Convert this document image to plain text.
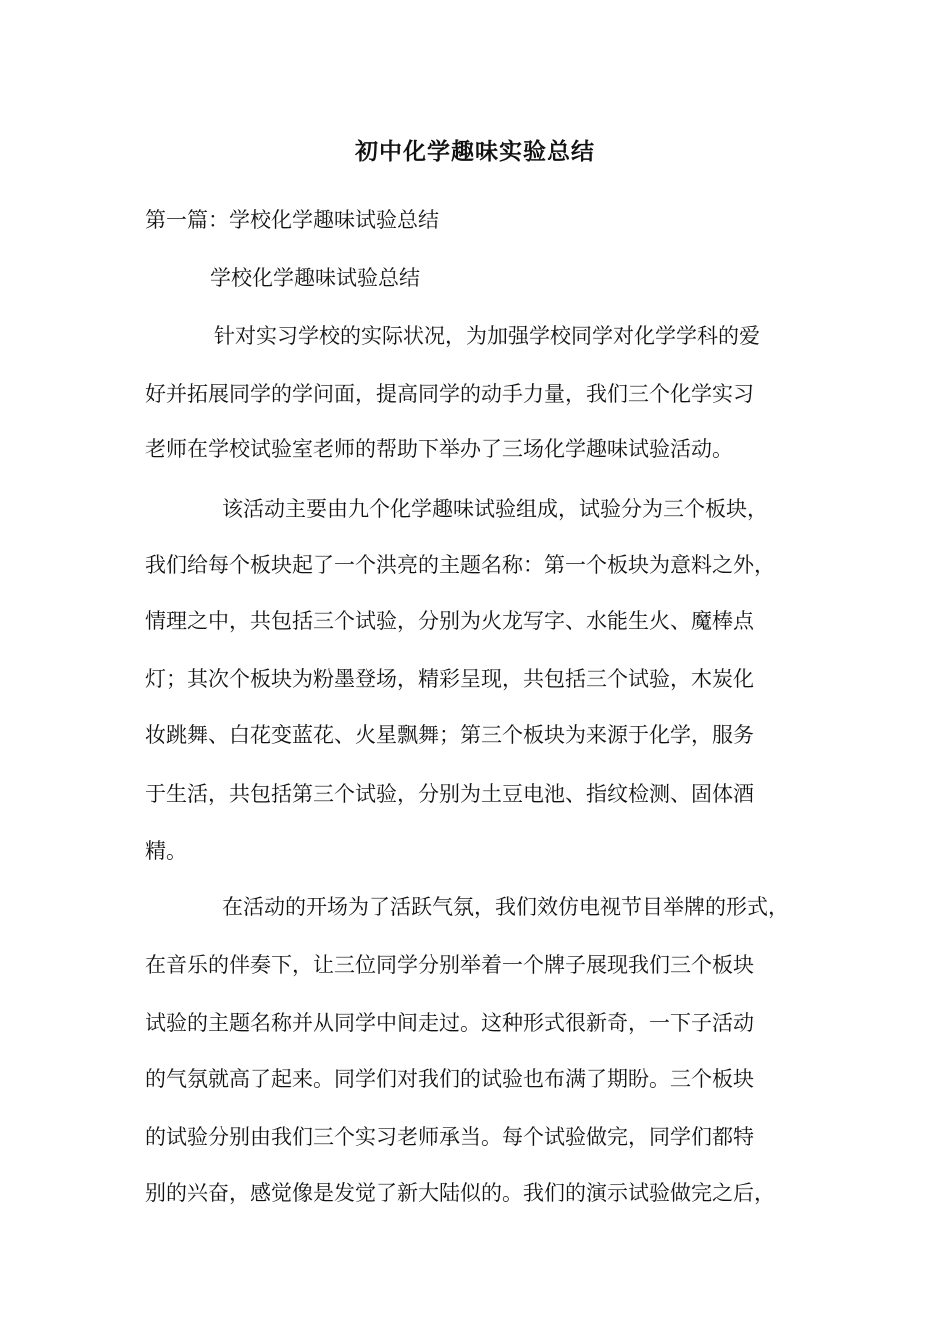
初中化学趣味实验总结
第一篇：学校化学趣味试验总结
学校化学趣味试验总结
针对实习学校的实际状况，为加强学校同学对化学学科的爱
好并拓展同学的学问面，提高同学的动手力量，我们三个化学实习
老师在学校试验室老师的帮助下举办了三场化学趣味试验活动。
该活动主要由九个化学趣味试验组成，试验分为三个板块，
我们给每个板块起了一个洪亮的主题名称：第一个板块为意料之外，
情理之中，共包括三个试验，分别为火龙写字、水能生火、魔棒点
灯；其次个板块为粉墨登场，精彩呈现，共包括三个试验，木炭化
妆跳舞、白花变蓝花、火星飘舞；第三个板块为来源于化学，服务
于生活，共包括第三个试验，分别为土豆电池、指纹检测、固体酒
精。
在活动的开场为了活跃气氛，我们效仿电视节目举牌的形式，
在音乐的伴奏下，让三位同学分别举着一个牌子展现我们三个板块
试验的主题名称并从同学中间走过。这种形式很新奇，一下子活动
的气氛就高了起来。同学们对我们的试验也布满了期盼。三个板块
的试验分别由我们三个实习老师承当。每个试验做完，同学们都特
别的兴奋，感觉像是发觉了新大陆似的。我们的演示试验做完之后，
